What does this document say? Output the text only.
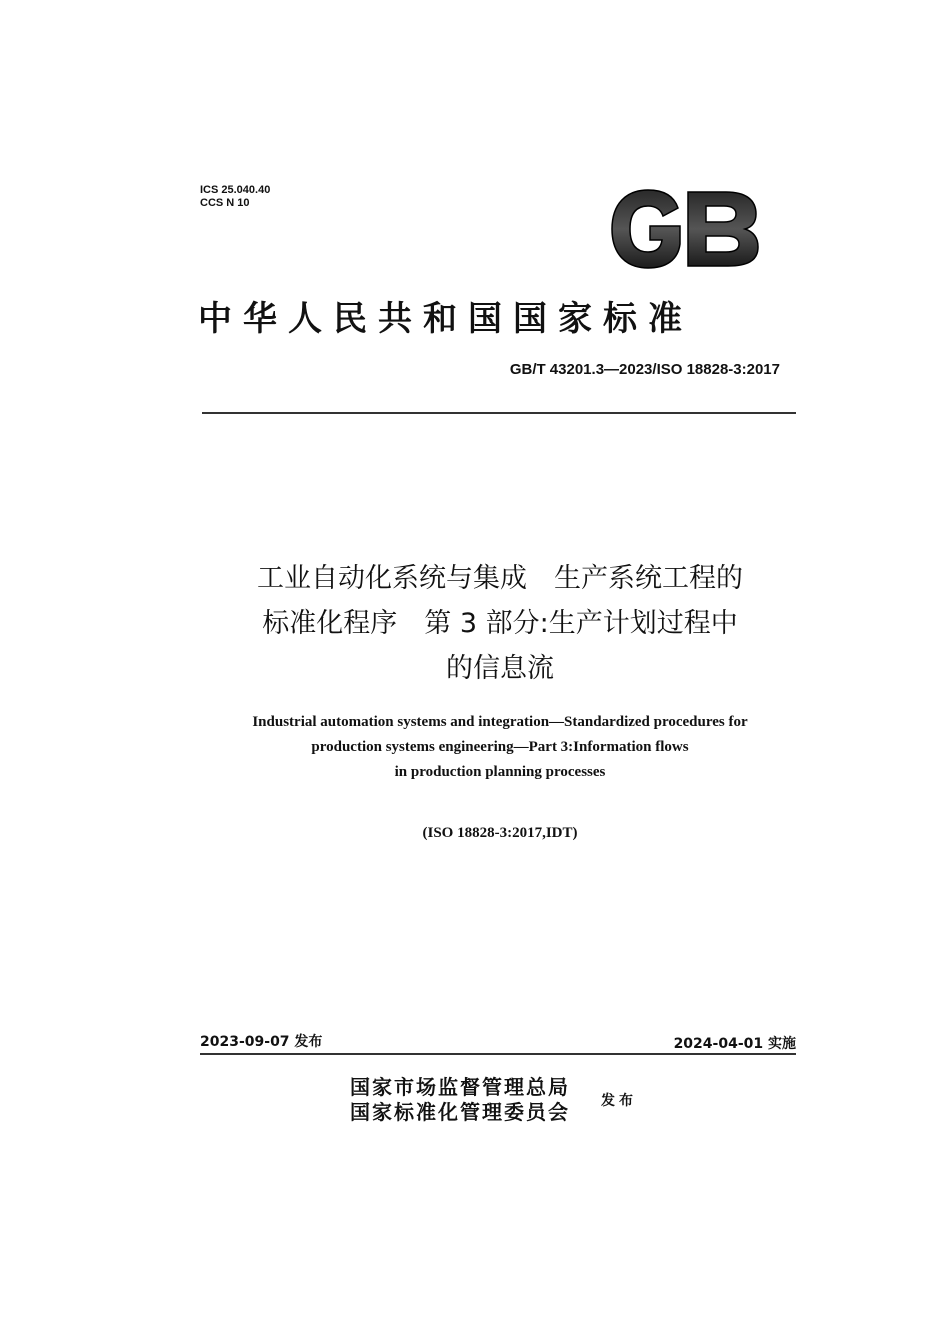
ICS 25.040.40
CCS N 10
中华人民共和国国家标准
GB/T 43201.3—2023/ISO 18828-3:2017
工业自动化系统与集成　生产系统工程的
标准化程序　第 3 部分:生产计划过程中
的信息流
Industrial automation systems and integration—Standardized procedures for
production systems engineering—Part 3:Information flows
in production planning processes
(ISO 18828-3:2017,IDT)
2023-09-07 发布	2024-04-01 实施
国家市场监督管理总局
国家标准化管理委员会 发布
